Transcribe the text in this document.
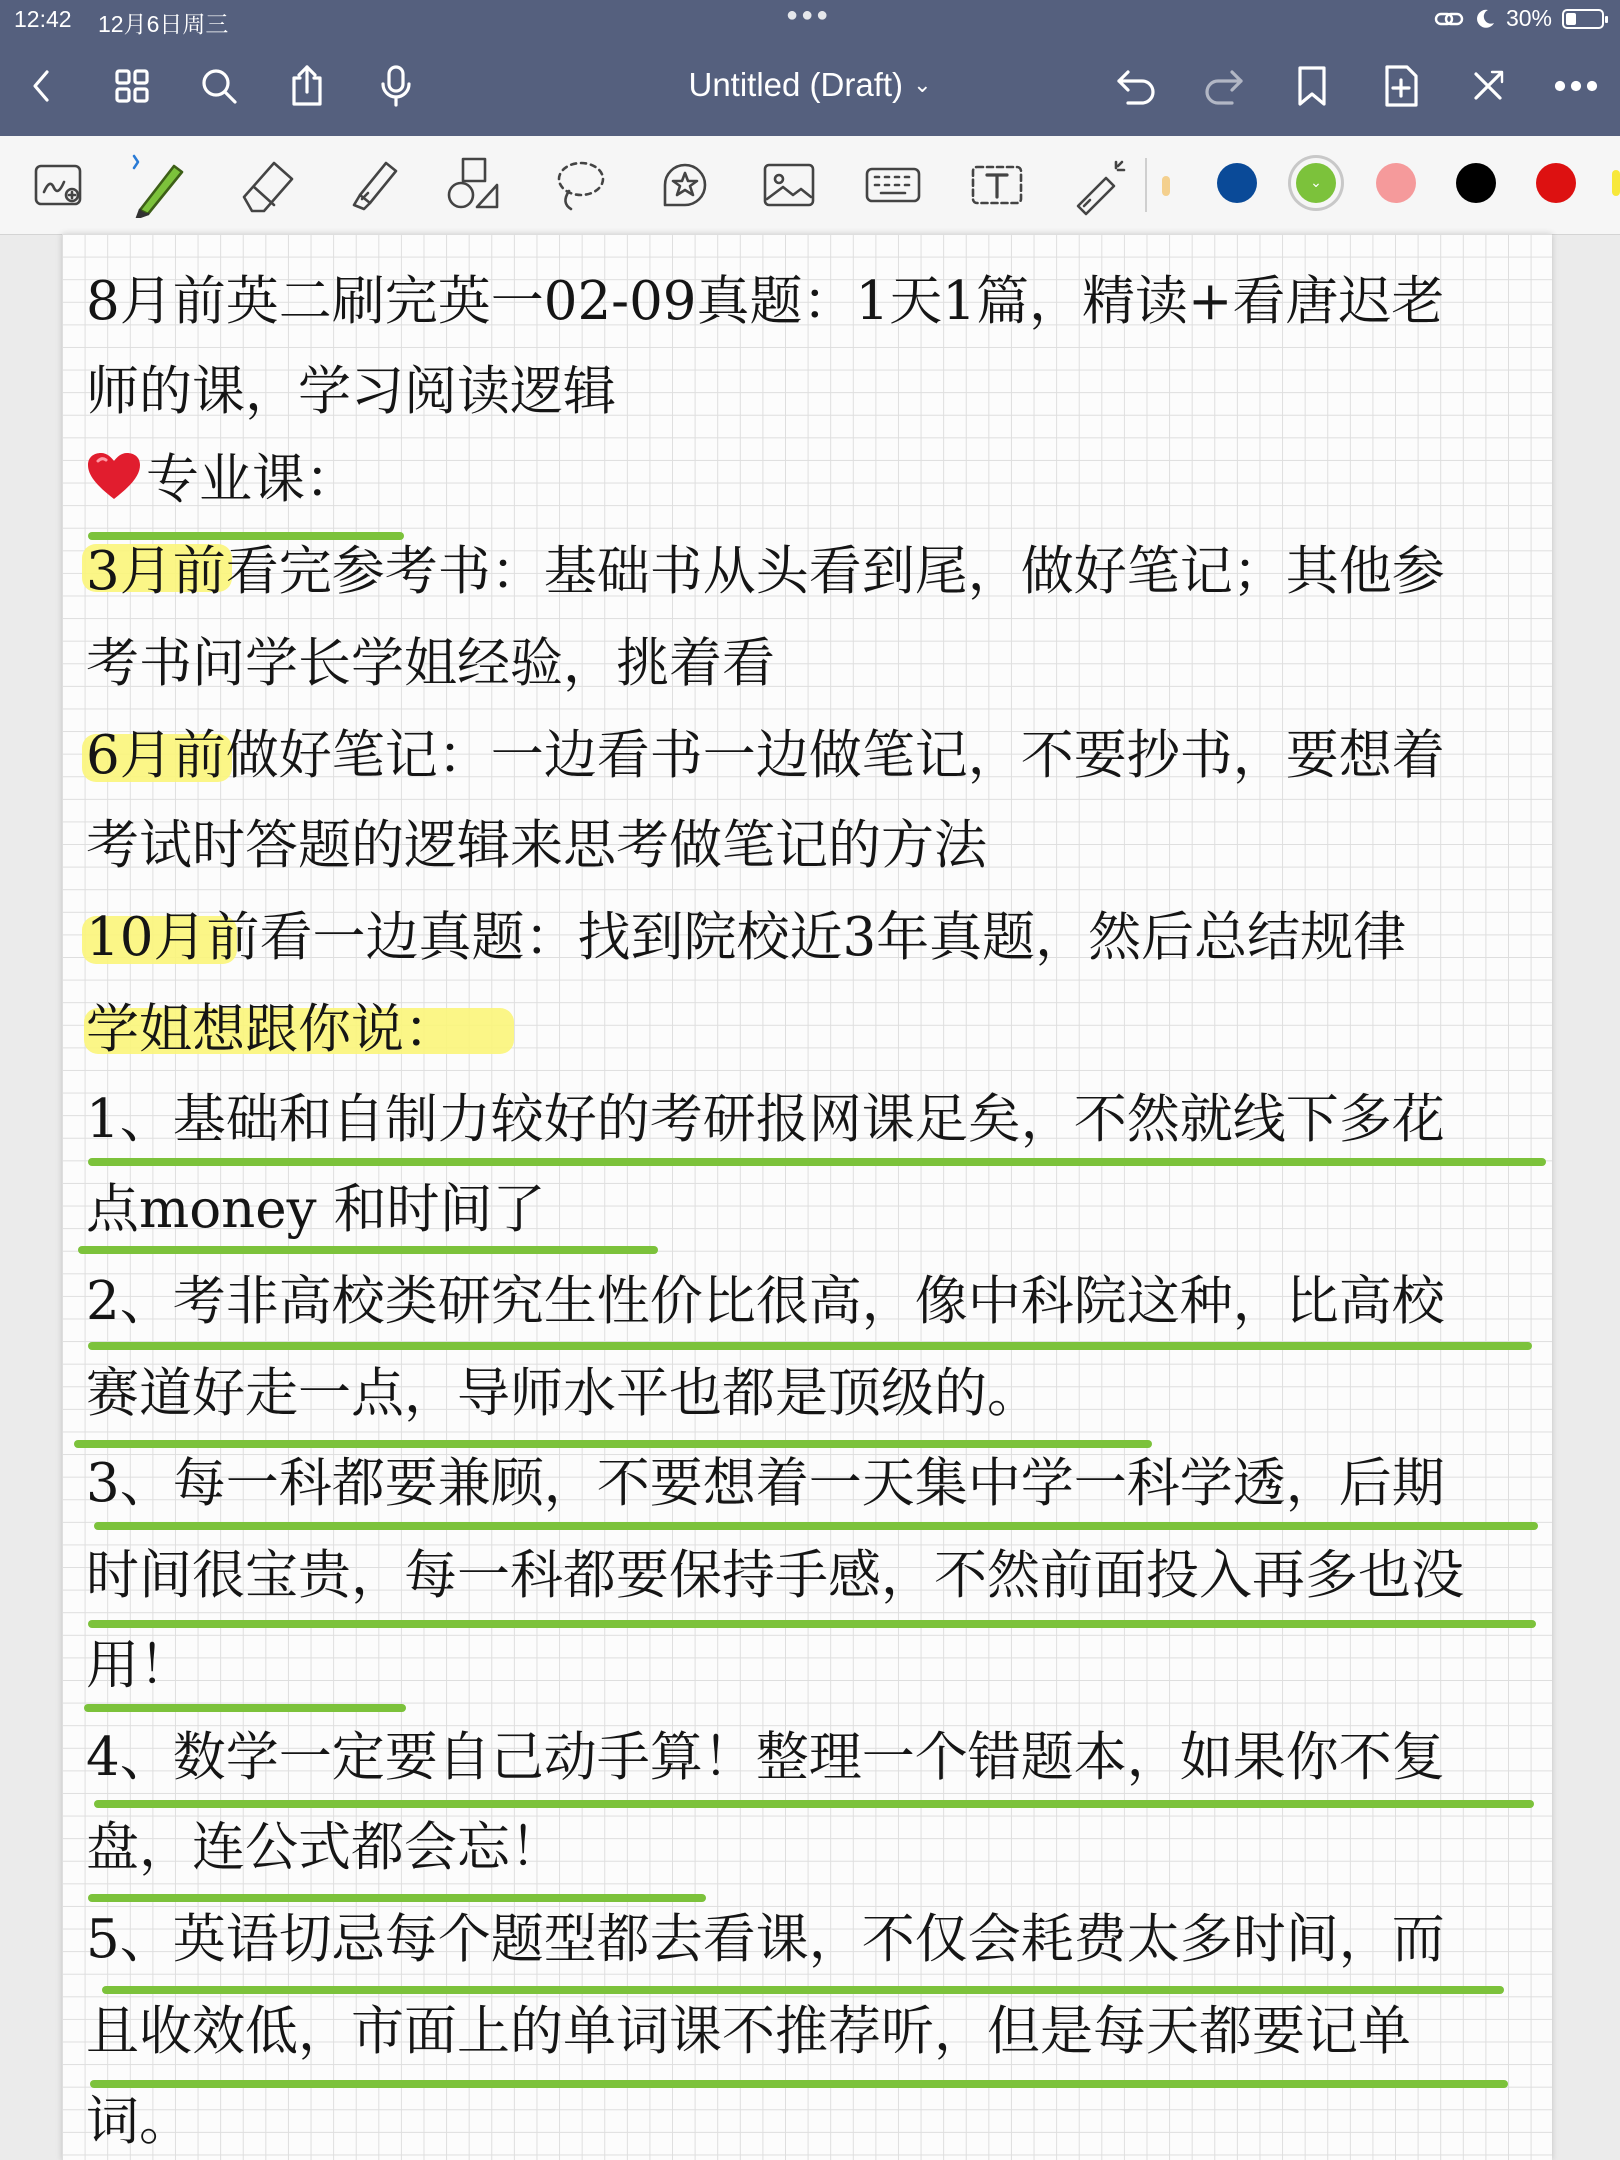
12:42 12月6日周三	●●●	30%
Untitled (Draft) ⌄
⌄
8月前英二刷完英一02-09真题：1天1篇，精读+看唐迟老
师的课，学习阅读逻辑
专业课：
3月前看完参考书：基础书从头看到尾，做好笔记；其他参
考书问学长学姐经验，挑着看
6月前做好笔记：一边看书一边做笔记，不要抄书，要想着
考试时答题的逻辑来思考做笔记的方法
10月前看一边真题：找到院校近3年真题，然后总结规律
学姐想跟你说：
1、基础和自制力较好的考研报网课足矣，不然就线下多花
点money 和时间了
2、考非高校类研究生性价比很高，像中科院这种，比高校
赛道好走一点，导师水平也都是顶级的。
3、每一科都要兼顾，不要想着一天集中学一科学透，后期
时间很宝贵，每一科都要保持手感，不然前面投入再多也没
用！
4、数学一定要自己动手算！整理一个错题本，如果你不复
盘，连公式都会忘！
5、英语切忌每个题型都去看课，不仅会耗费太多时间，而
且收效低，市面上的单词课不推荐听，但是每天都要记单
词。
